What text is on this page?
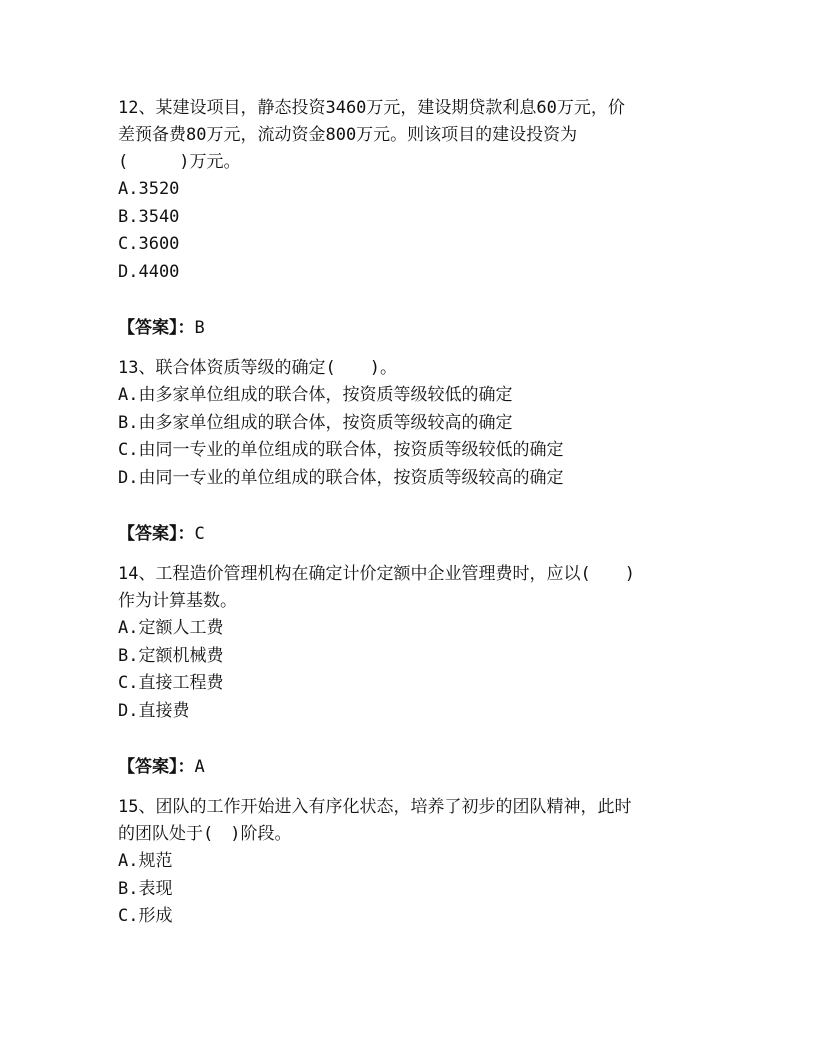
12、某建设项目，静态投资3460万元，建设期贷款利息60万元，价

差预备费80万元，流动资金800万元。则该项目的建设投资为

(　　　)万元。

A.3520

B.3540

C.3600

D.4400

【答案】：B

13、联合体资质等级的确定(　　)。

A.由多家单位组成的联合体，按资质等级较低的确定

B.由多家单位组成的联合体，按资质等级较高的确定

C.由同一专业的单位组成的联合体，按资质等级较低的确定

D.由同一专业的单位组成的联合体，按资质等级较高的确定

【答案】：C

14、工程造价管理机构在确定计价定额中企业管理费时，应以(　　)

作为计算基数。

A.定额人工费

B.定额机械费

C.直接工程费

D.直接费

【答案】：A

15、团队的工作开始进入有序化状态，培养了初步的团队精神，此时

的团队处于(　)阶段。

A.规范

B.表现

C.形成
